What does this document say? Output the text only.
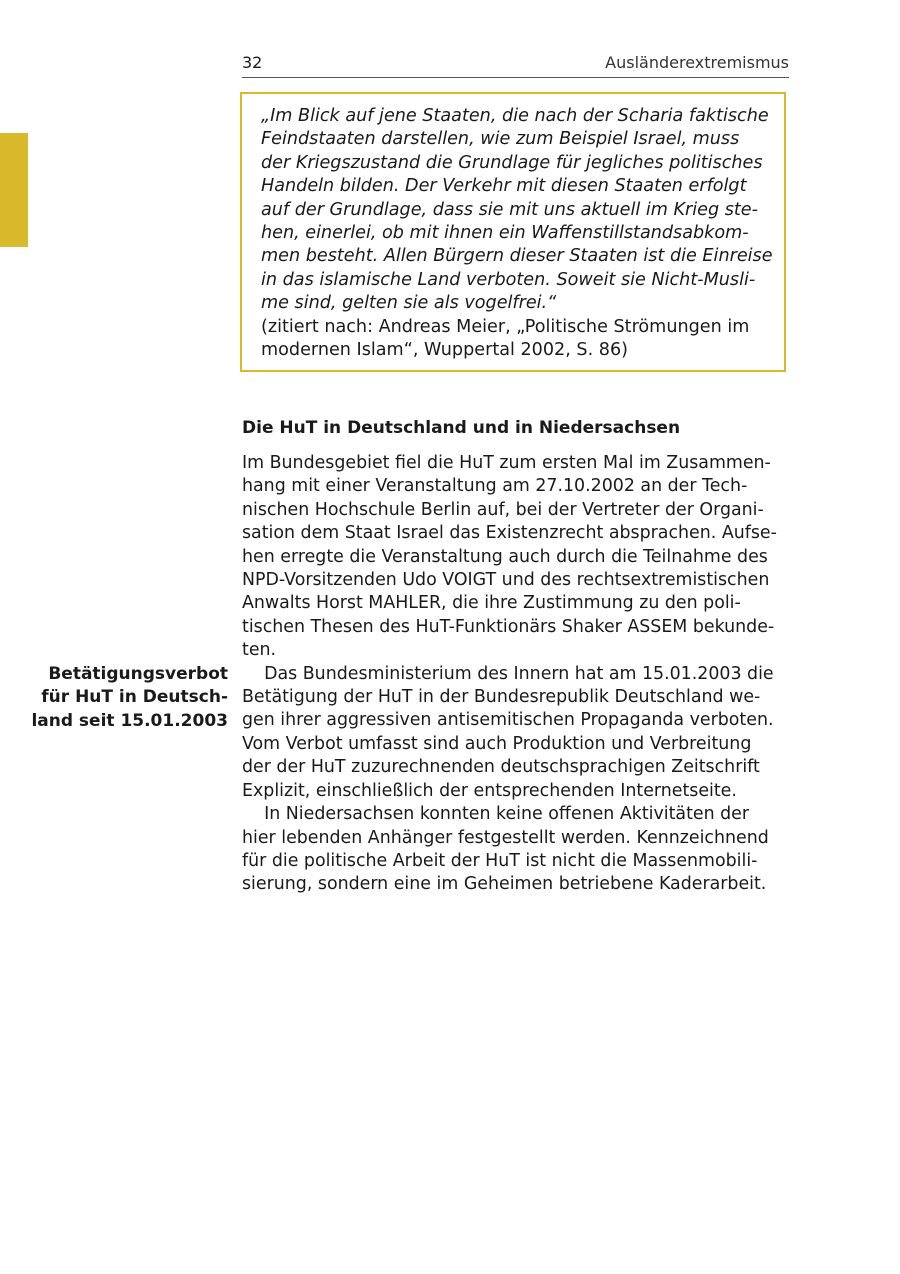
32	Ausländerextremismus
„Im Blick auf jene Staaten, die nach der Scharia faktische
Feindstaaten darstellen, wie zum Beispiel Israel, muss
der Kriegszustand die Grundlage für jegliches politisches
Handeln bilden. Der Verkehr mit diesen Staaten erfolgt
auf der Grundlage, dass sie mit uns aktuell im Krieg ste-
hen, einerlei, ob mit ihnen ein Waffenstillstandsabkom-
men besteht. Allen Bürgern dieser Staaten ist die Einreise
in das islamische Land verboten. Soweit sie Nicht-Musli-
me sind, gelten sie als vogelfrei.“
(zitiert nach: Andreas Meier, „Politische Strömungen im
modernen Islam“, Wuppertal 2002, S. 86)
Die HuT in Deutschland und in Niedersachsen
Im Bundesgebiet fiel die HuT zum ersten Mal im Zusammen-
hang mit einer Veranstaltung am 27.10.2002 an der Tech-
nischen Hochschule Berlin auf, bei der Vertreter der Organi-
sation dem Staat Israel das Existenzrecht absprachen. Aufse-
hen erregte die Veranstaltung auch durch die Teilnahme des
NPD-Vorsitzenden Udo VOIGT und des rechtsextremistischen
Anwalts Horst MAHLER, die ihre Zustimmung zu den poli-
tischen Thesen des HuT-Funktionärs Shaker ASSEM bekunde-
ten.
Das Bundesministerium des Innern hat am 15.01.2003 die
Betätigung der HuT in der Bundesrepublik Deutschland we-
gen ihrer aggressiven antisemitischen Propaganda verboten.
Vom Verbot umfasst sind auch Produktion und Verbreitung
der der HuT zuzurechnenden deutschsprachigen Zeitschrift
Explizit, einschließlich der entsprechenden Internetseite.
In Niedersachsen konnten keine offenen Aktivitäten der
hier lebenden Anhänger festgestellt werden. Kennzeichnend
für die politische Arbeit der HuT ist nicht die Massenmobili-
sierung, sondern eine im Geheimen betriebene Kaderarbeit.
Betätigungsverbot
für HuT in Deutsch-
land seit 15.01.2003
